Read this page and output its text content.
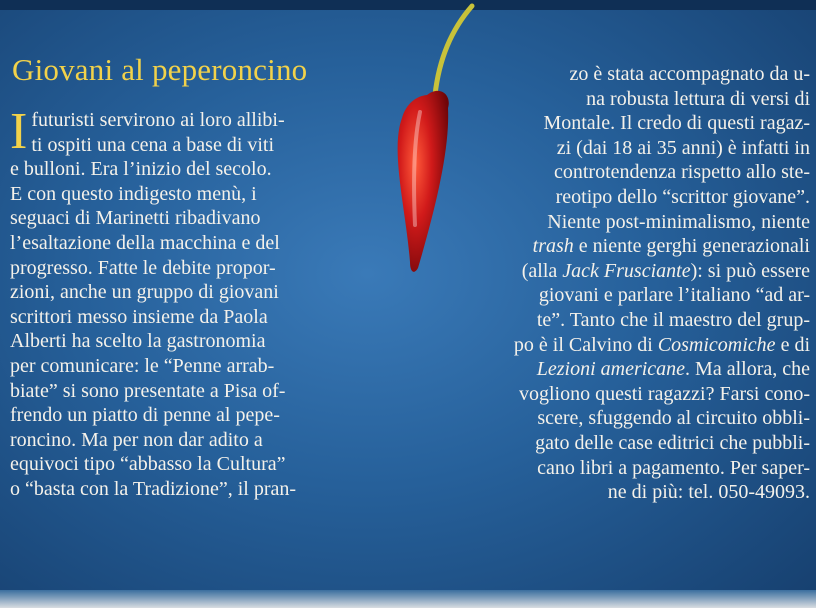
Giovani al peperoncino
I futuristi servirono ai loro allibi-
ti ospiti una cena a base di viti
e bulloni. Era l’inizio del secolo.
E con questo indigesto menù, i
seguaci di Marinetti ribadivano
l’esaltazione della macchina e del
progresso. Fatte le debite propor-
zioni, anche un gruppo di giovani
scrittori messo insieme da Paola
Alberti ha scelto la gastronomia
per comunicare: le “Penne arrab-
biate” si sono presentate a Pisa of-
frendo un piatto di penne al pepe-
roncino. Ma per non dar adito a
equivoci tipo “abbasso la Cultura”
o “basta con la Tradizione”, il pran-
zo è stata accompagnato da u-
na robusta lettura di versi di
Montale. Il credo di questi ragaz-
zi (dai 18 ai 35 anni) è infatti in
controtendenza rispetto allo ste-
reotipo dello “scrittor giovane”.
Niente post-minimalismo, niente
trash e niente gerghi generazionali
(alla Jack Frusciante): si può essere
giovani e parlare l’italiano “ad ar-
te”. Tanto che il maestro del grup-
po è il Calvino di Cosmicomiche e di
Lezioni americane. Ma allora, che
vogliono questi ragazzi? Farsi cono-
scere, sfuggendo al circuito obbli-
gato delle case editrici che pubbli-
cano libri a pagamento. Per saper-
ne di più: tel. 050-49093.
